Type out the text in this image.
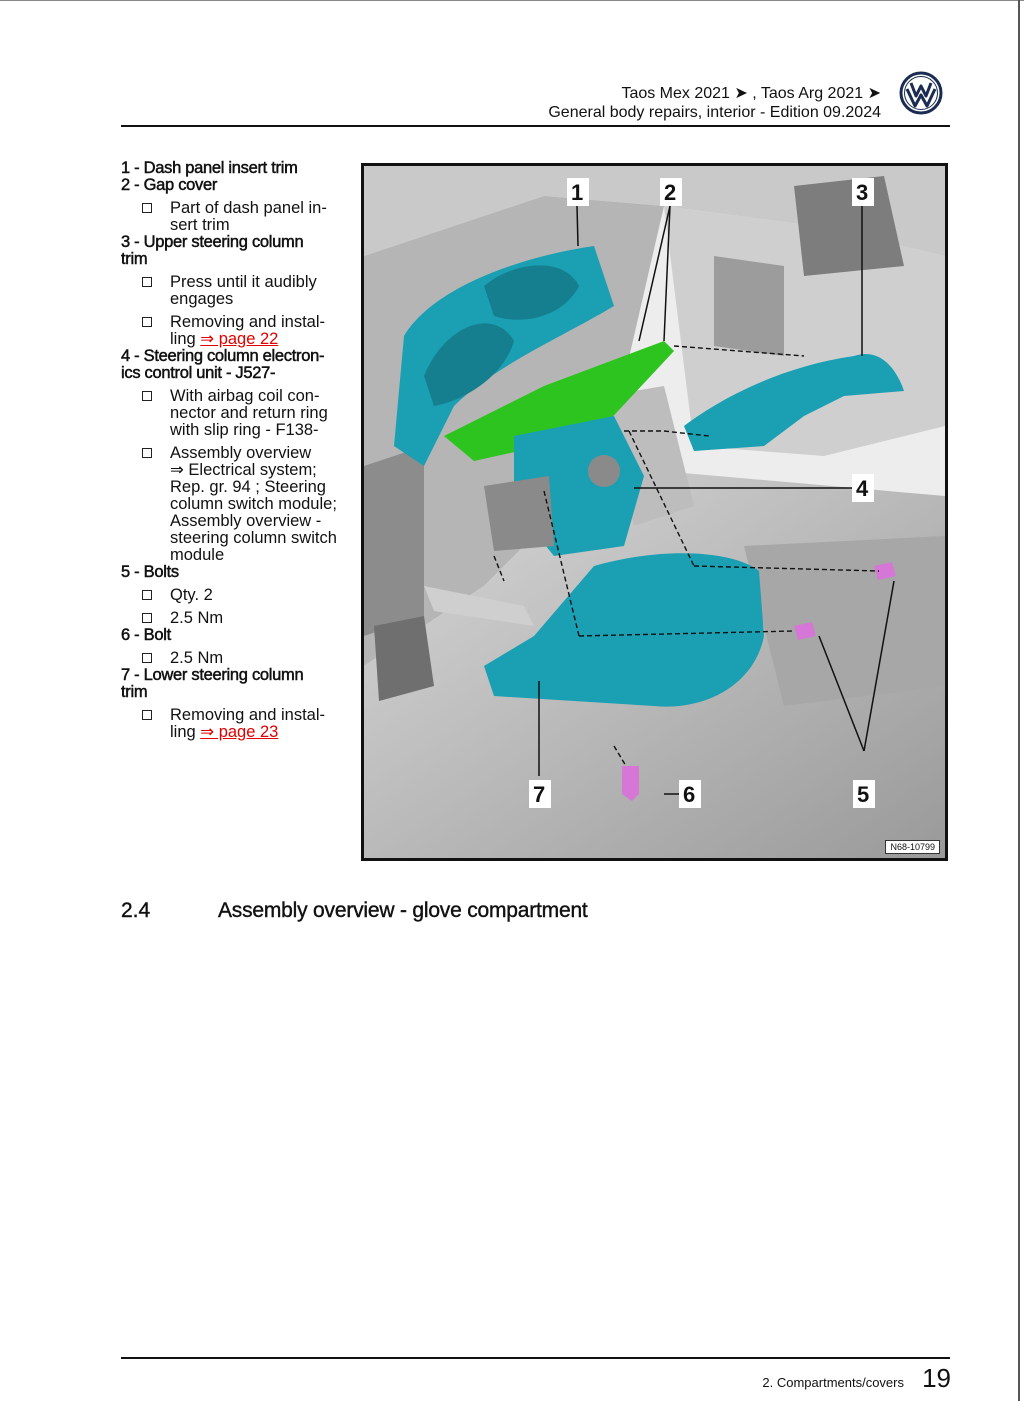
Taos Mex 2021 ➤ , Taos Arg 2021 ➤
General body repairs, interior - Edition 09.2024
1 - Dash panel insert trim
2 - Gap cover
Part of dash panel in-
sert trim
3 - Upper steering column
trim
Press until it audibly
engages
Removing and instal-
ling ⇒ page 22
4 - Steering column electron-
ics control unit - J527-
With airbag coil con-
nector and return ring
with slip ring - F138-
Assembly overview
⇒ Electrical system;
Rep. gr. 94 ; Steering
column switch module;
Assembly overview -
steering column switch
module
5 - Bolts
Qty. 2
2.5 Nm
6 - Bolt
2.5 Nm
7 - Lower steering column
trim
Removing and instal-
ling ⇒ page 23
1	2	3
4
5
6
7
N68-10799
2.4	Assembly overview - glove compartment
2. Compartments/covers 19
